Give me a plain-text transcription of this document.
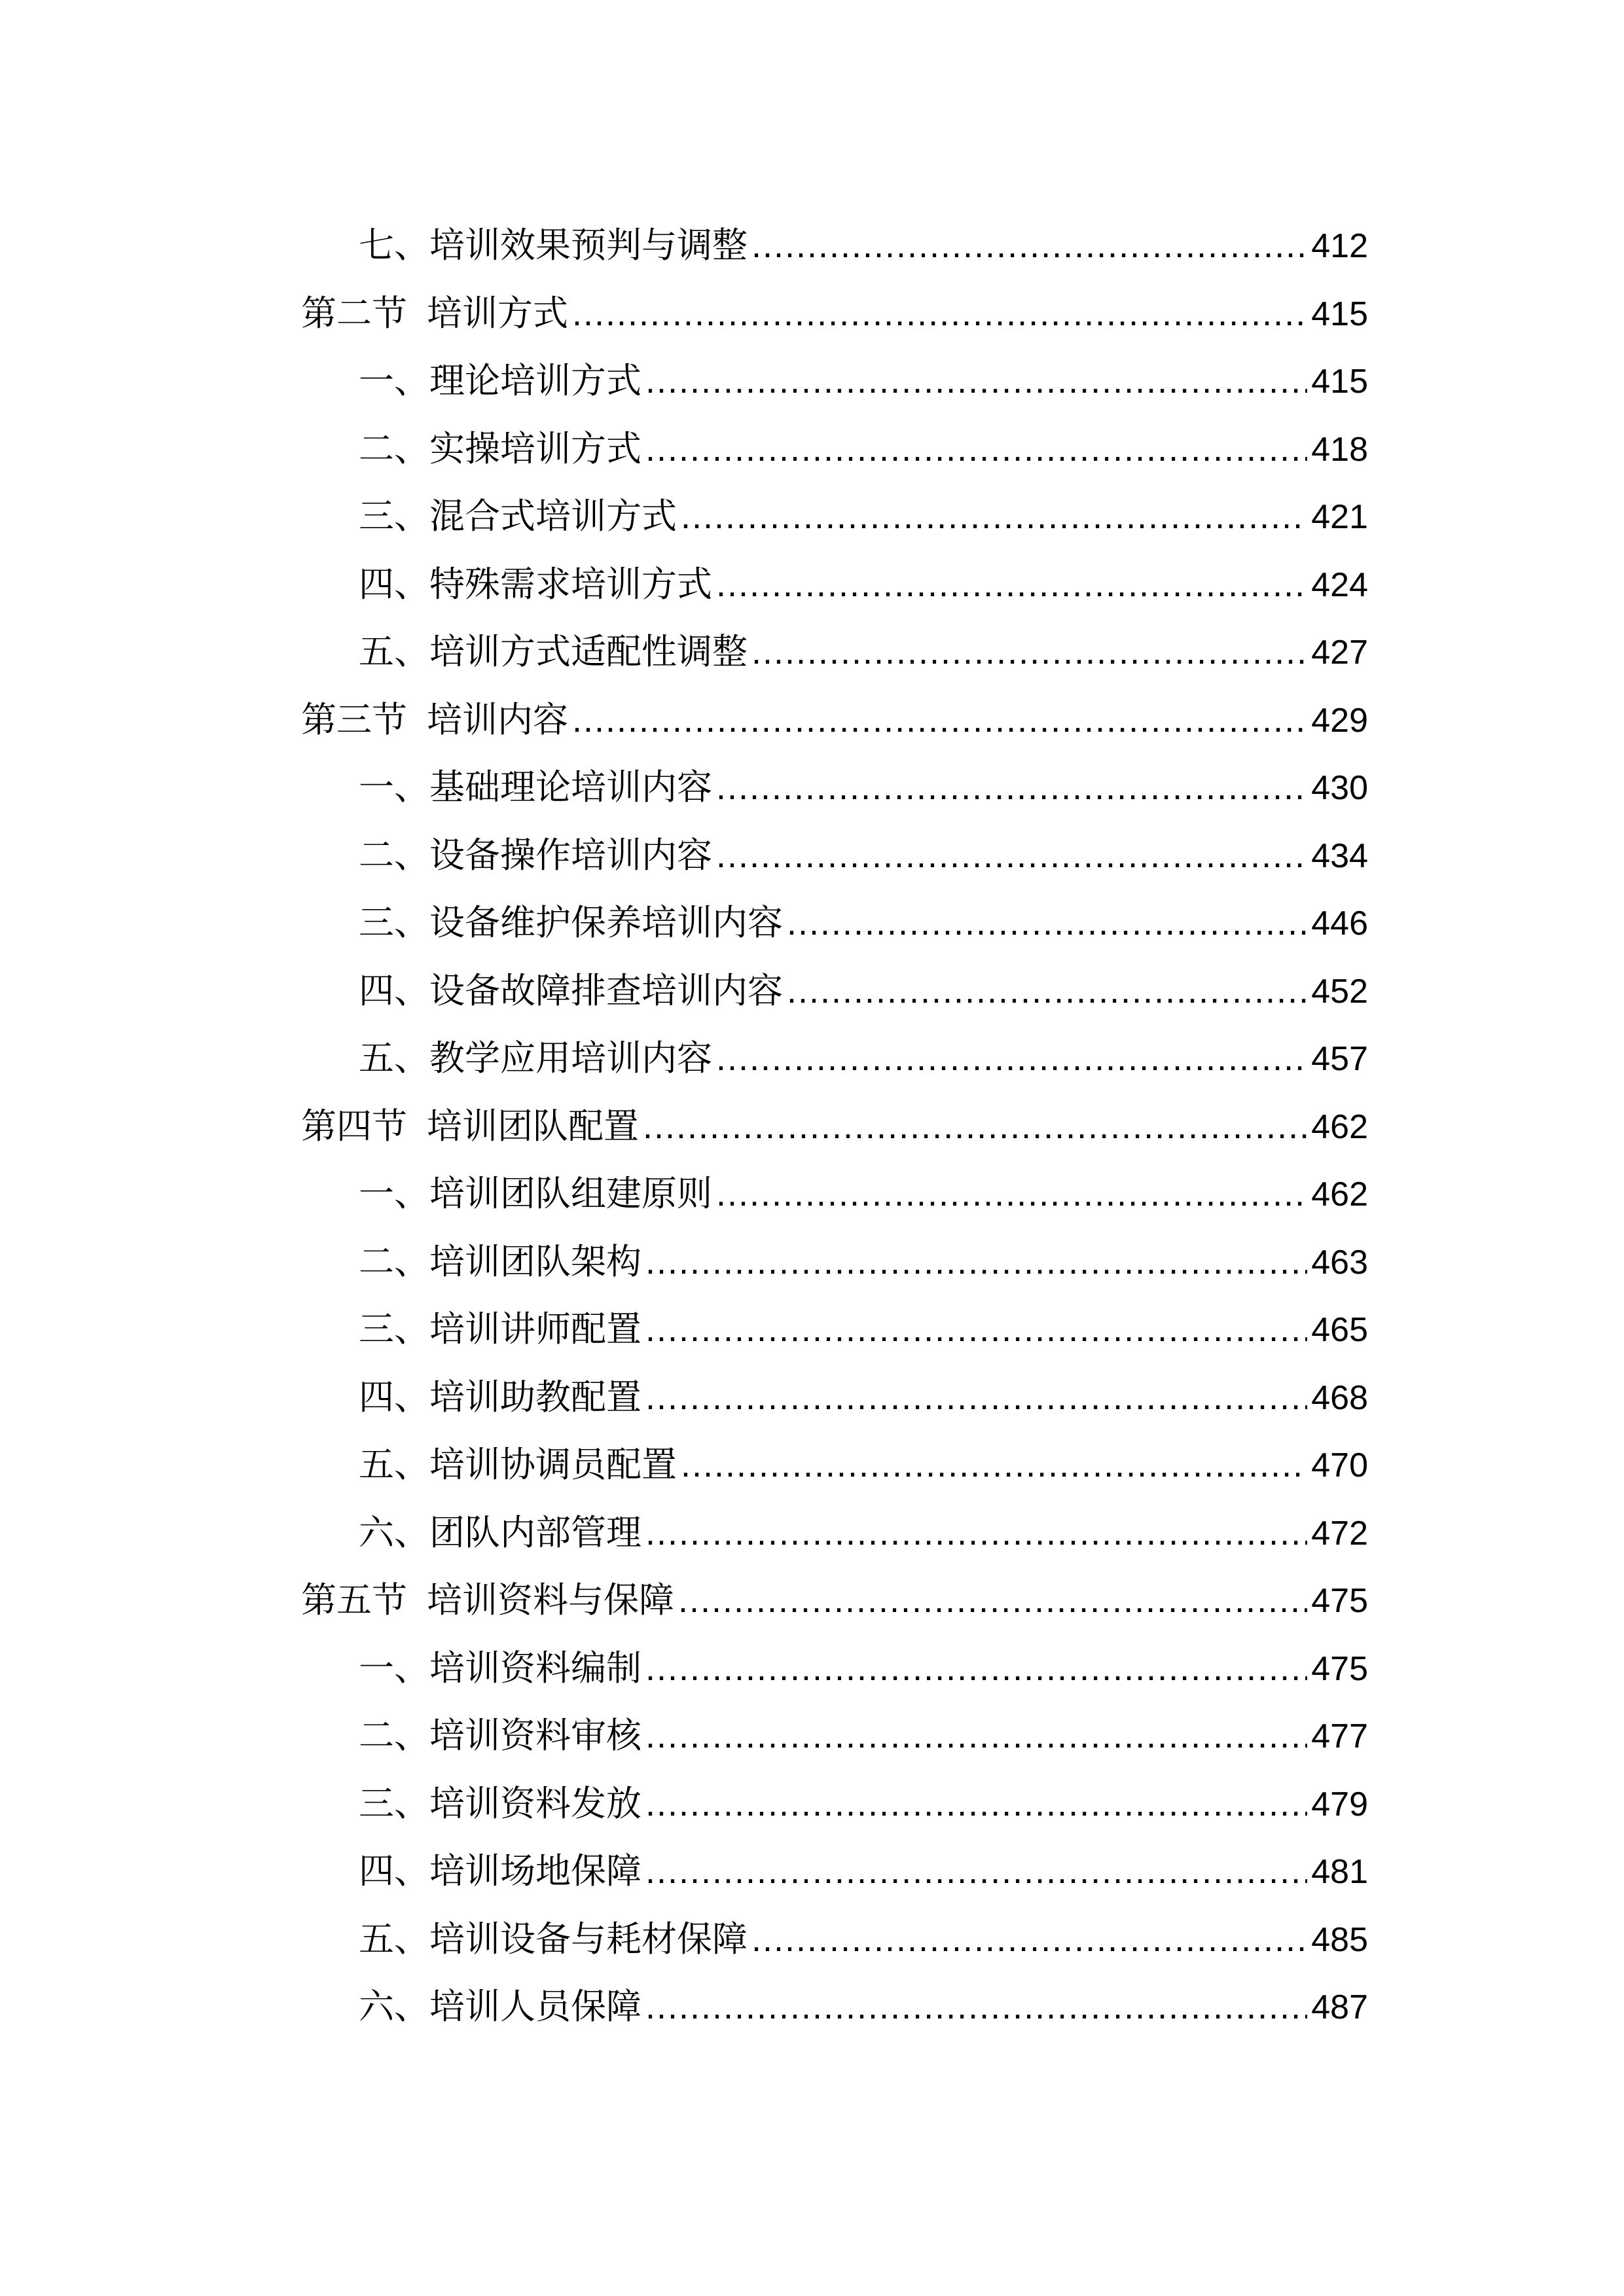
七、培训效果预判与调整 .....	412
第二节 培训方式 .....	415
一、理论培训方式 .....	415
二、实操培训方式 .....	418
三、混合式培训方式 .....	421
四、特殊需求培训方式 .....	424
五、培训方式适配性调整 .....	427
第三节 培训内容 .....	429
一、基础理论培训内容 .....	430
二、设备操作培训内容 .....	434
三、设备维护保养培训内容 .....	446
四、设备故障排查培训内容 .....	452
五、教学应用培训内容 .....	457
第四节 培训团队配置 .....	462
一、培训团队组建原则 .....	462
二、培训团队架构 .....	463
三、培训讲师配置 .....	465
四、培训助教配置 .....	468
五、培训协调员配置 .....	470
六、团队内部管理 .....	472
第五节 培训资料与保障 .....	475
一、培训资料编制 .....	475
二、培训资料审核 .....	477
三、培训资料发放 .....	479
四、培训场地保障 .....	481
五、培训设备与耗材保障 .....	485
六、培训人员保障 .....	487
